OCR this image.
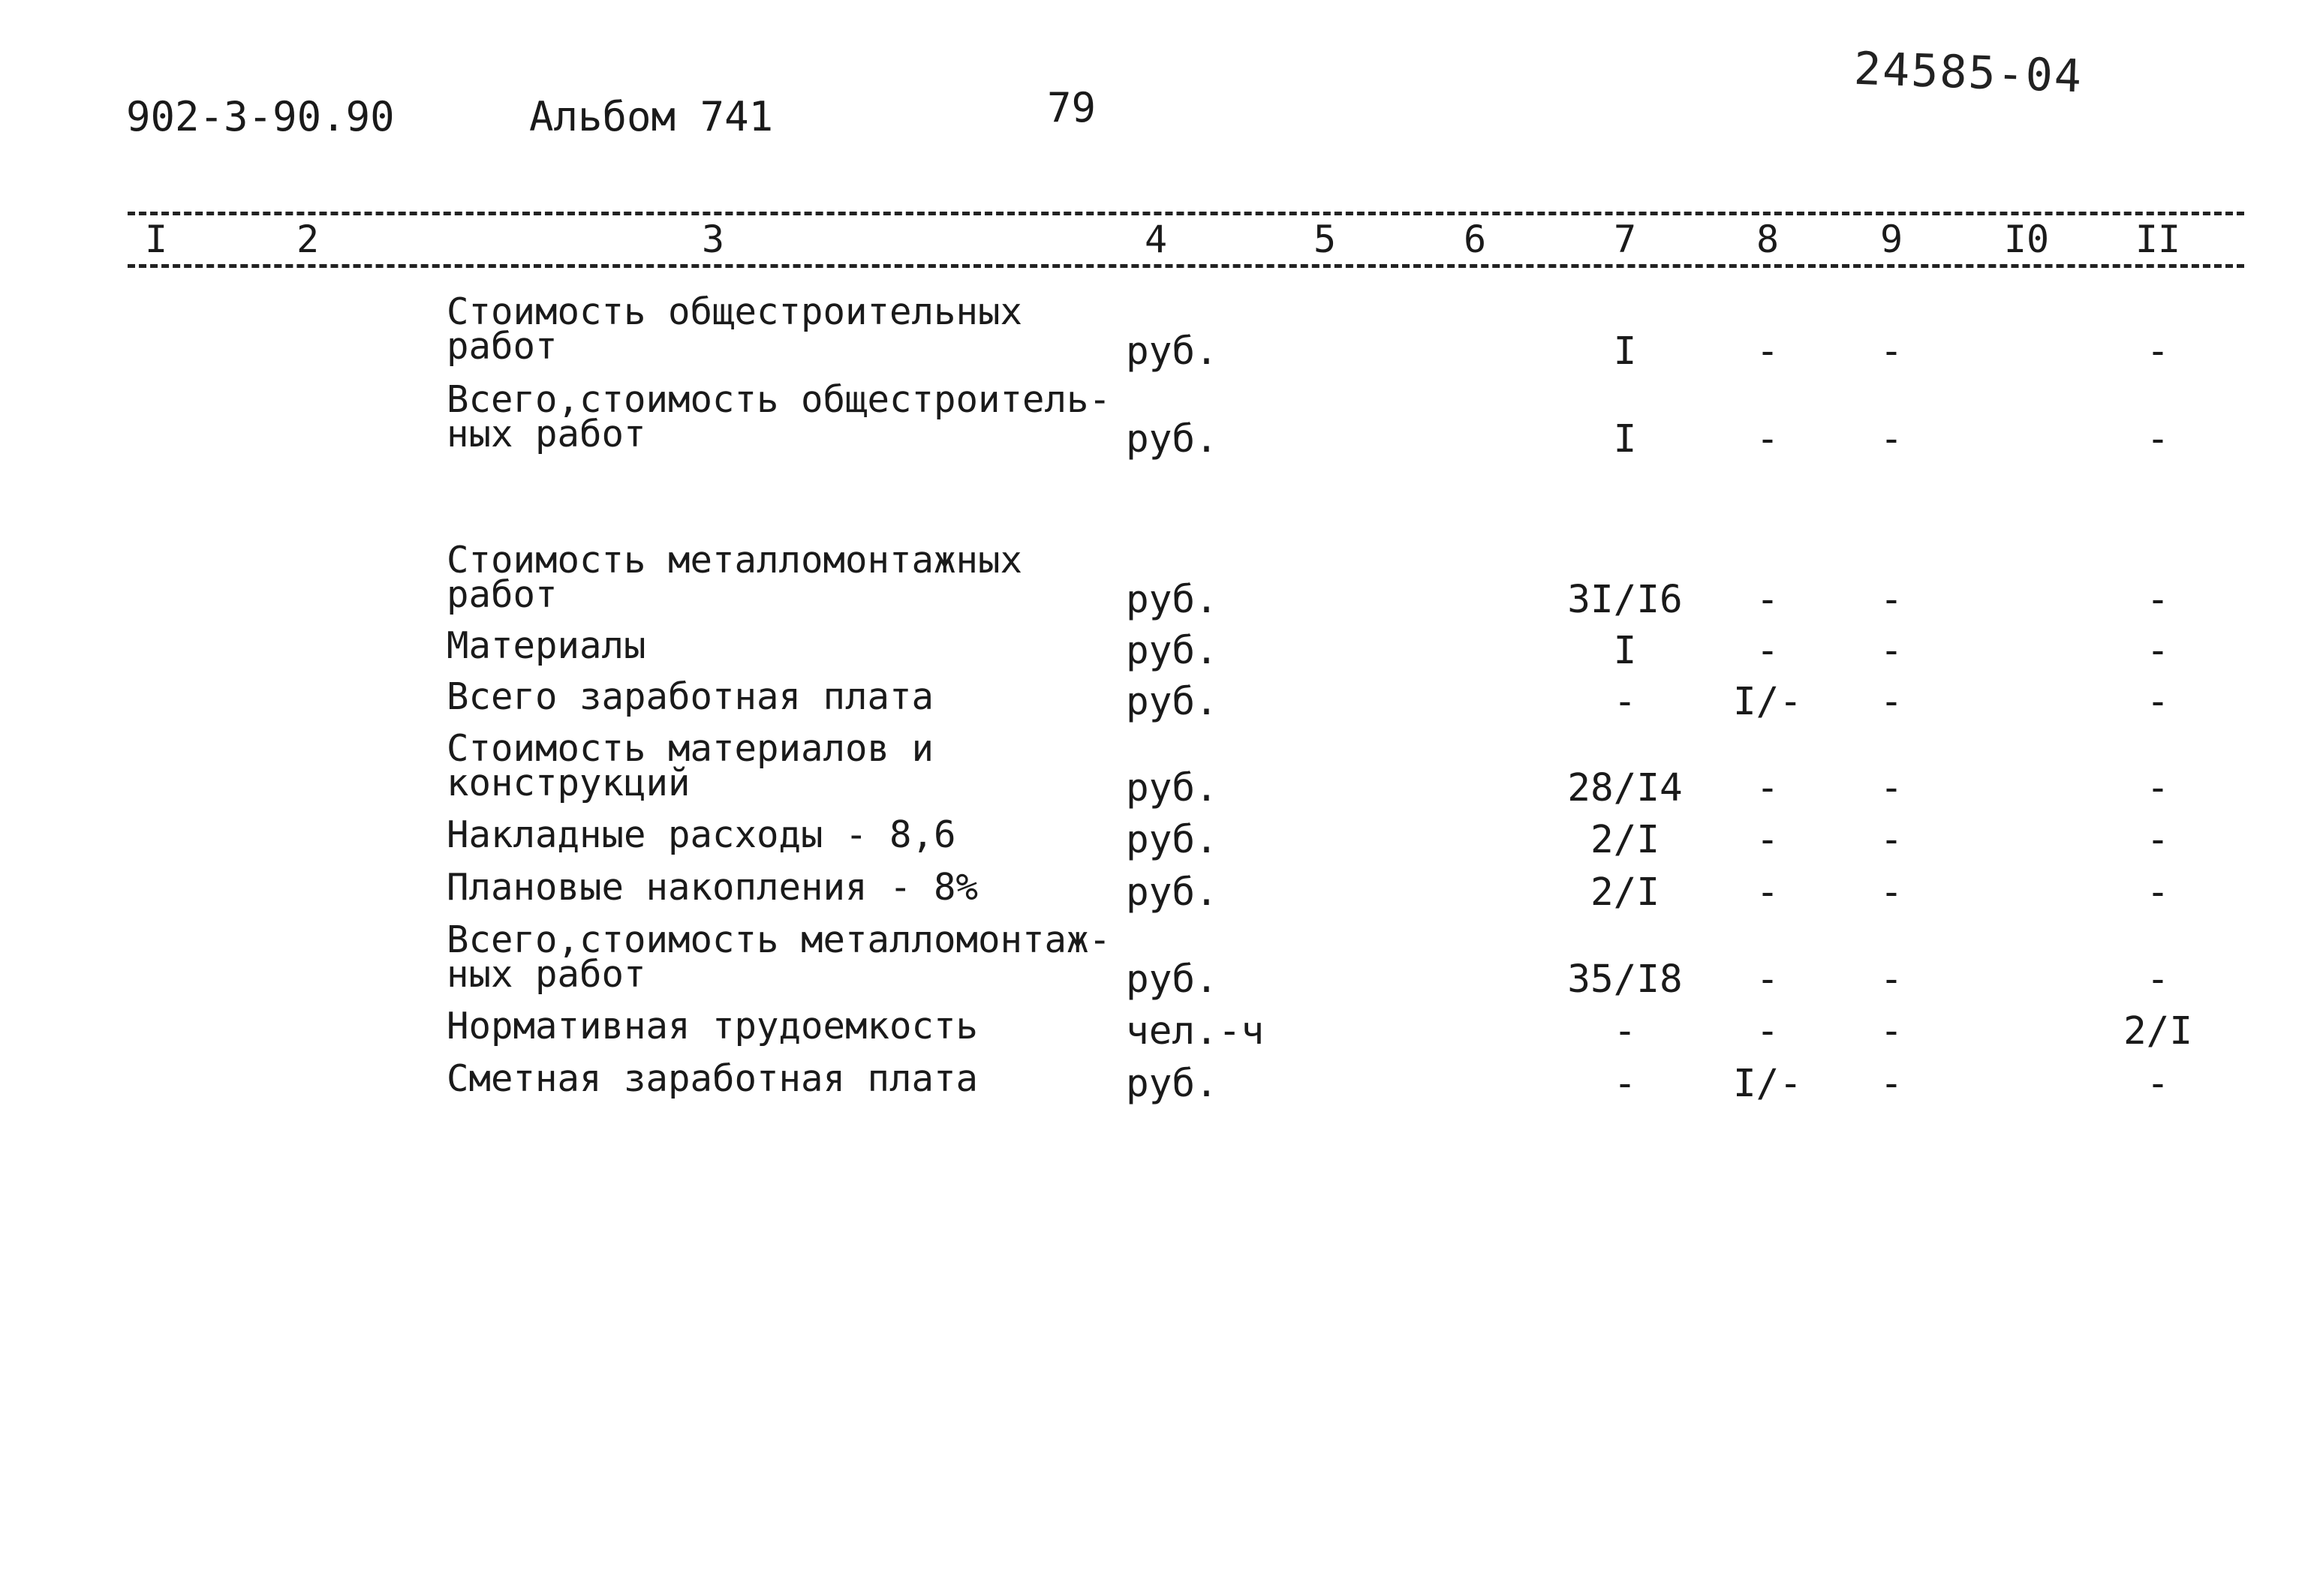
902-3-90.90	Альбом 741	79
24585-04
I	2	3	4	5	6	7	8	9	I0	II
Стоимость общестроительных
работ	руб.	I	-	-	-
Всего,стоимость общестроитель-
ных работ	руб.	I	-	-	-
Стоимость металломонтажных
работ	руб.	3I/I6	-	-	-
Материалы	руб.	I	-	-	-
Всего заработная плата	руб.	-	I/-	-	-
Стоимость материалов и
конструкций	руб.	28/I4	-	-	-
Накладные расходы - 8,6	руб.	2/I	-	-	-
Плановые накопления - 8%	руб.	2/I	-	-	-
Всего,стоимость металломонтаж-
ных работ	руб.	35/I8	-	-	-
Нормативная трудоемкость	чел.-ч	-	-	-	2/I
Сметная заработная плата	руб.	-	I/-	-	-
